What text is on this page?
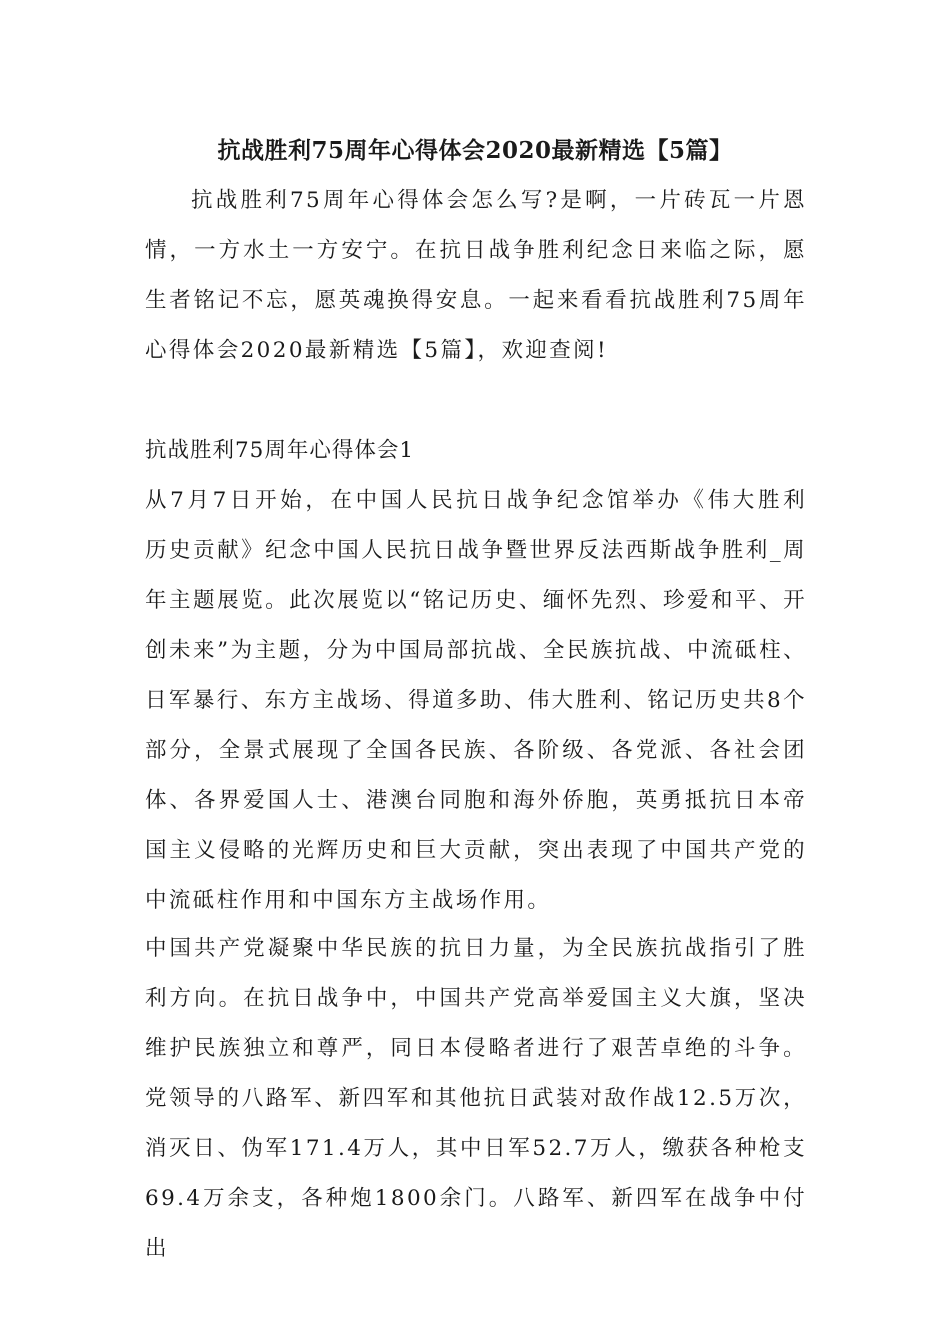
抗战胜利75周年心得体会2020最新精选【5篇】

抗战胜利75周年心得体会怎么写?是啊，一片砖瓦一片恩情，一方水土一方安宁。在抗日战争胜利纪念日来临之际，愿生者铭记不忘，愿英魂换得安息。一起来看看抗战胜利75周年心得体会2020最新精选【5篇】，欢迎查阅!

抗战胜利75周年心得体会1

从7月7日开始，在中国人民抗日战争纪念馆举办《伟大胜利 历史贡献》纪念中国人民抗日战争暨世界反法西斯战争胜利_周年主题展览。此次展览以“铭记历史、缅怀先烈、珍爱和平、开创未来”为主题，分为中国局部抗战、全民族抗战、中流砥柱、日军暴行、东方主战场、得道多助、伟大胜利、铭记历史共8个部分，全景式展现了全国各民族、各阶级、各党派、各社会团体、各界爱国人士、港澳台同胞和海外侨胞，英勇抵抗日本帝国主义侵略的光辉历史和巨大贡献，突出表现了中国共产党的中流砥柱作用和中国东方主战场作用。

中国共产党凝聚中华民族的抗日力量，为全民族抗战指引了胜利方向。在抗日战争中，中国共产党高举爱国主义大旗，坚决维护民族独立和尊严，同日本侵略者进行了艰苦卓绝的斗争。党领导的八路军、新四军和其他抗日武装对敌作战12.5万次，消灭日、伪军171.4万人，其中日军52.7万人，缴获各种枪支69.4万余支，各种炮1800余门。八路军、新四军在战争中付出
